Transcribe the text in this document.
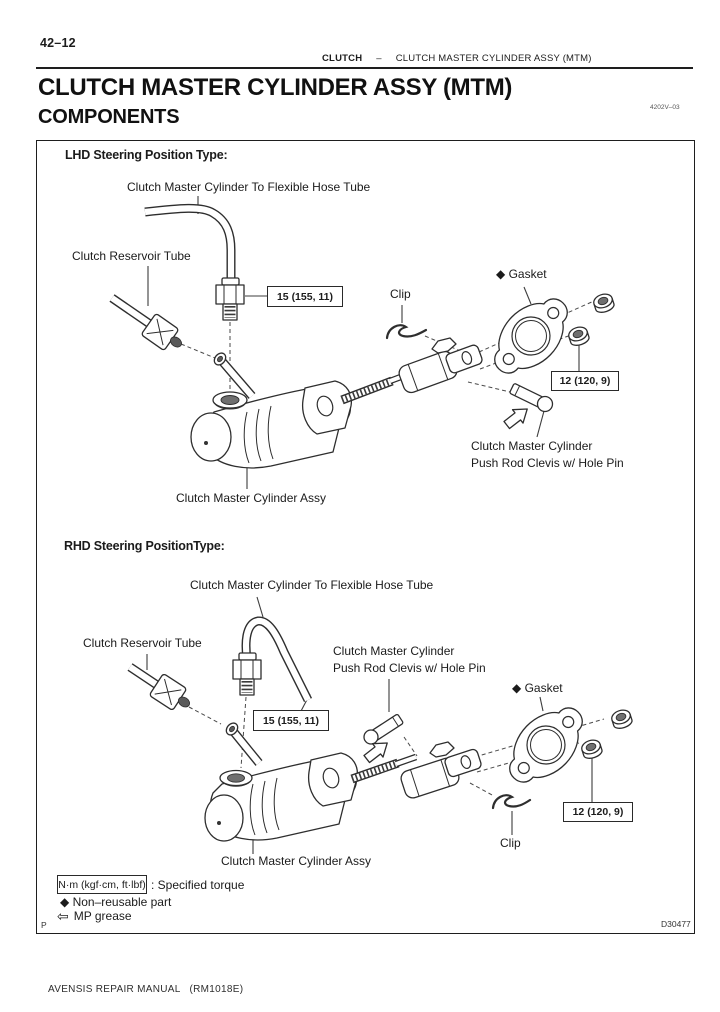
42–12
CLUTCH – CLUTCH MASTER CYLINDER ASSY (MTM)
CLUTCH MASTER CYLINDER ASSY (MTM)
COMPONENTS	4202V–03
LHD Steering Position Type:
Clutch Master Cylinder To Flexible Hose Tube
Clutch Reservoir Tube
15 (155, 11)	Clip
◆ Gasket
12 (120, 9)
Clutch Master Cylinder
Push Rod Clevis w/ Hole Pin
Clutch Master Cylinder Assy
RHD Steering PositionType:
Clutch Master Cylinder To Flexible Hose Tube
Clutch Reservoir Tube
Clutch Master Cylinder
Push Rod Clevis w/ Hole Pin
◆ Gasket
15 (155, 11)
12 (120, 9)
Clip
Clutch Master Cylinder Assy
N·m (kgf·cm, ft·lbf) : Specified torque
◆ Non–reusable part
⇦ MP grease
P	D30477
AVENSIS REPAIR MANUAL   (RM1018E)
